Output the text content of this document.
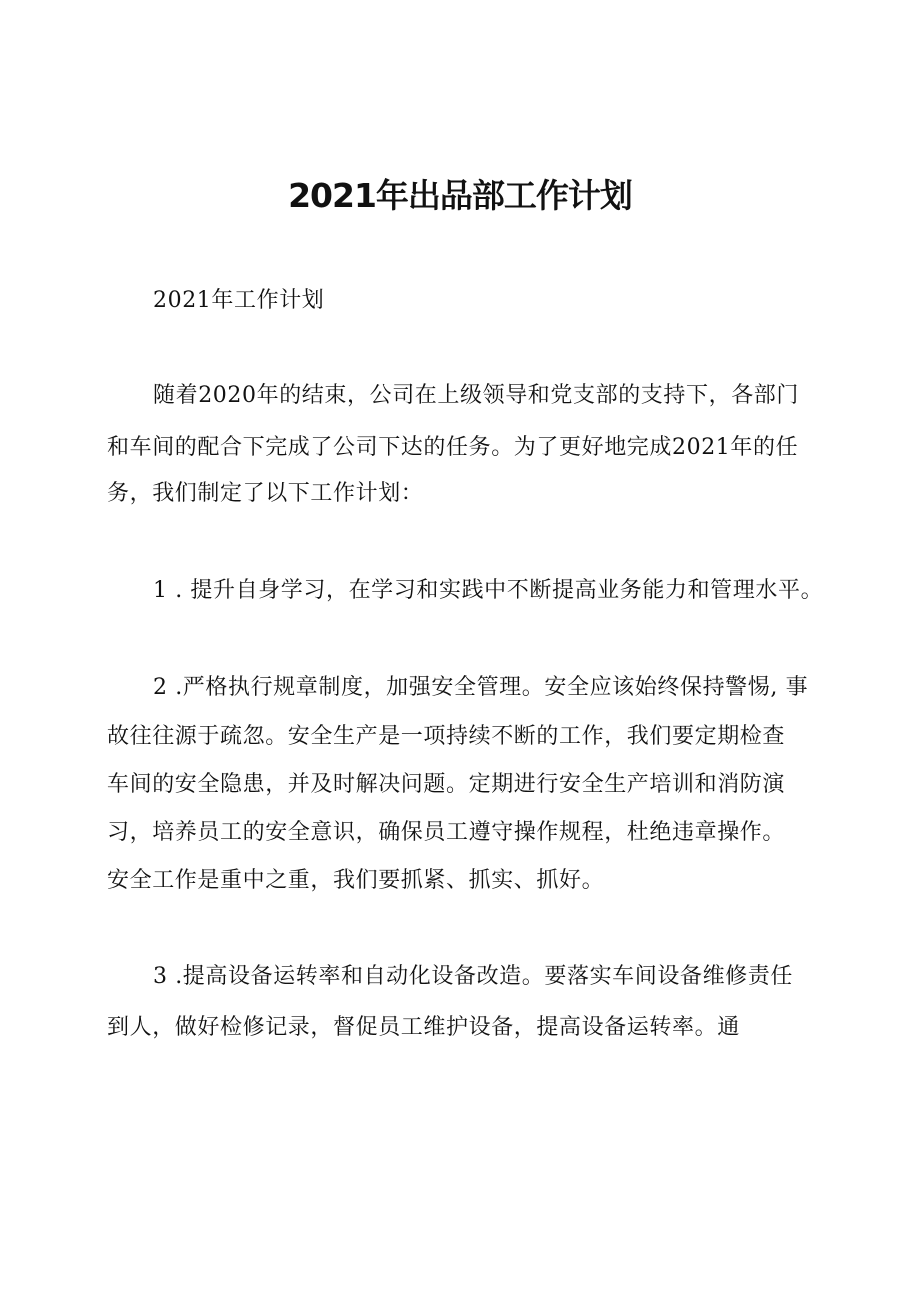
2021年出品部工作计划

2021年工作计划

随着2020年的结束，公司在上级领导和党支部的支持下，各部门

和车间的配合下完成了公司下达的任务。为了更好地完成2021年的任

务，我们制定了以下工作计划：

1 . 提升自身学习，在学习和实践中不断提高业务能力和管理水平。

2 .严格执行规章制度，加强安全管理。安全应该始终保持警惕, 事

故往往源于疏忽。安全生产是一项持续不断的工作，我们要定期检查

车间的安全隐患，并及时解决问题。定期进行安全生产培训和消防演

习，培养员工的安全意识，确保员工遵守操作规程，杜绝违章操作。

安全工作是重中之重，我们要抓紧、抓实、抓好。

3 .提高设备运转率和自动化设备改造。要落实车间设备维修责任

到人，做好检修记录，督促员工维护设备，提高设备运转率。通
